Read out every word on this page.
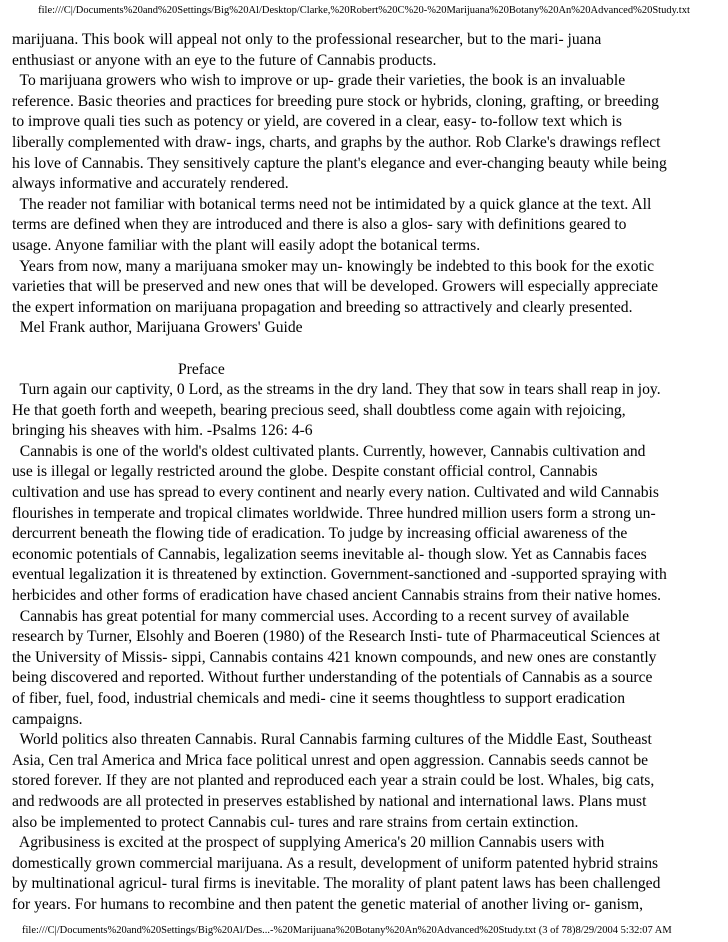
file:///C|/Documents%20and%20Settings/Big%20Al/Desktop/Clarke,%20Robert%20C%20-%20Marijuana%20Botany%20An%20Advanced%20Study.txt
marijuana. This book will appeal not only to the professional researcher, but to the mari- juana
enthusiast or anyone with an eye to the future of Cannabis products.
To marijuana growers who wish to improve or up- grade their varieties, the book is an invaluable
reference. Basic theories and practices for breeding pure stock or hybrids, cloning, grafting, or breeding
to improve quali ties such as potency or yield, are covered in a clear, easy- to-follow text which is
liberally complemented with draw- ings, charts, and graphs by the author. Rob Clarke's drawings reflect
his love of Cannabis. They sensitively capture the plant's elegance and ever-changing beauty while being
always informative and accurately rendered.
The reader not familiar with botanical terms need not be intimidated by a quick glance at the text. All
terms are defined when they are introduced and there is also a glos- sary with definitions geared to
usage. Anyone familiar with the plant will easily adopt the botanical terms.
Years from now, many a marijuana smoker may un- knowingly be indebted to this book for the exotic
varieties that will be preserved and new ones that will be developed. Growers will especially appreciate
the expert information on marijuana propagation and breeding so attractively and clearly presented.
Mel Frank author, Marijuana Growers' Guide
Preface
Turn again our captivity, 0 Lord, as the streams in the dry land. They that sow in tears shall reap in joy.
He that goeth forth and weepeth, bearing precious seed, shall doubtless come again with rejoicing,
bringing his sheaves with him. -Psalms 126: 4-6
Cannabis is one of the world's oldest cultivated plants. Currently, however, Cannabis cultivation and
use is illegal or legally restricted around the globe. Despite constant official control, Cannabis
cultivation and use has spread to every continent and nearly every nation. Cultivated and wild Cannabis
flourishes in temperate and tropical climates worldwide. Three hundred million users form a strong un-
dercurrent beneath the flowing tide of eradication. To judge by increasing official awareness of the
economic potentials of Cannabis, legalization seems inevitable al- though slow. Yet as Cannabis faces
eventual legalization it is threatened by extinction. Government-sanctioned and -supported spraying with
herbicides and other forms of eradication have chased ancient Cannabis strains from their native homes.
Cannabis has great potential for many commercial uses. According to a recent survey of available
research by Turner, Elsohly and Boeren (1980) of the Research Insti- tute of Pharmaceutical Sciences at
the University of Missis- sippi, Cannabis contains 421 known compounds, and new ones are constantly
being discovered and reported. Without further understanding of the potentials of Cannabis as a source
of fiber, fuel, food, industrial chemicals and medi- cine it seems thoughtless to support eradication
campaigns.
World politics also threaten Cannabis. Rural Cannabis farming cultures of the Middle East, Southeast
Asia, Cen tral America and Mrica face political unrest and open aggression. Cannabis seeds cannot be
stored forever. If they are not planted and reproduced each year a strain could be lost. Whales, big cats,
and redwoods are all protected in preserves established by national and international laws. Plans must
also be implemented to protect Cannabis cul- tures and rare strains from certain extinction.
Agribusiness is excited at the prospect of supplying America's 20 million Cannabis users with
domestically grown commercial marijuana. As a result, development of uniform patented hybrid strains
by multinational agricul- tural firms is inevitable. The morality of plant patent laws has been challenged
for years. For humans to recombine and then patent the genetic material of another living or- ganism,
file:///C|/Documents%20and%20Settings/Big%20Al/Des...-%20Marijuana%20Botany%20An%20Advanced%20Study.txt (3 of 78)8/29/2004 5:32:07 AM
